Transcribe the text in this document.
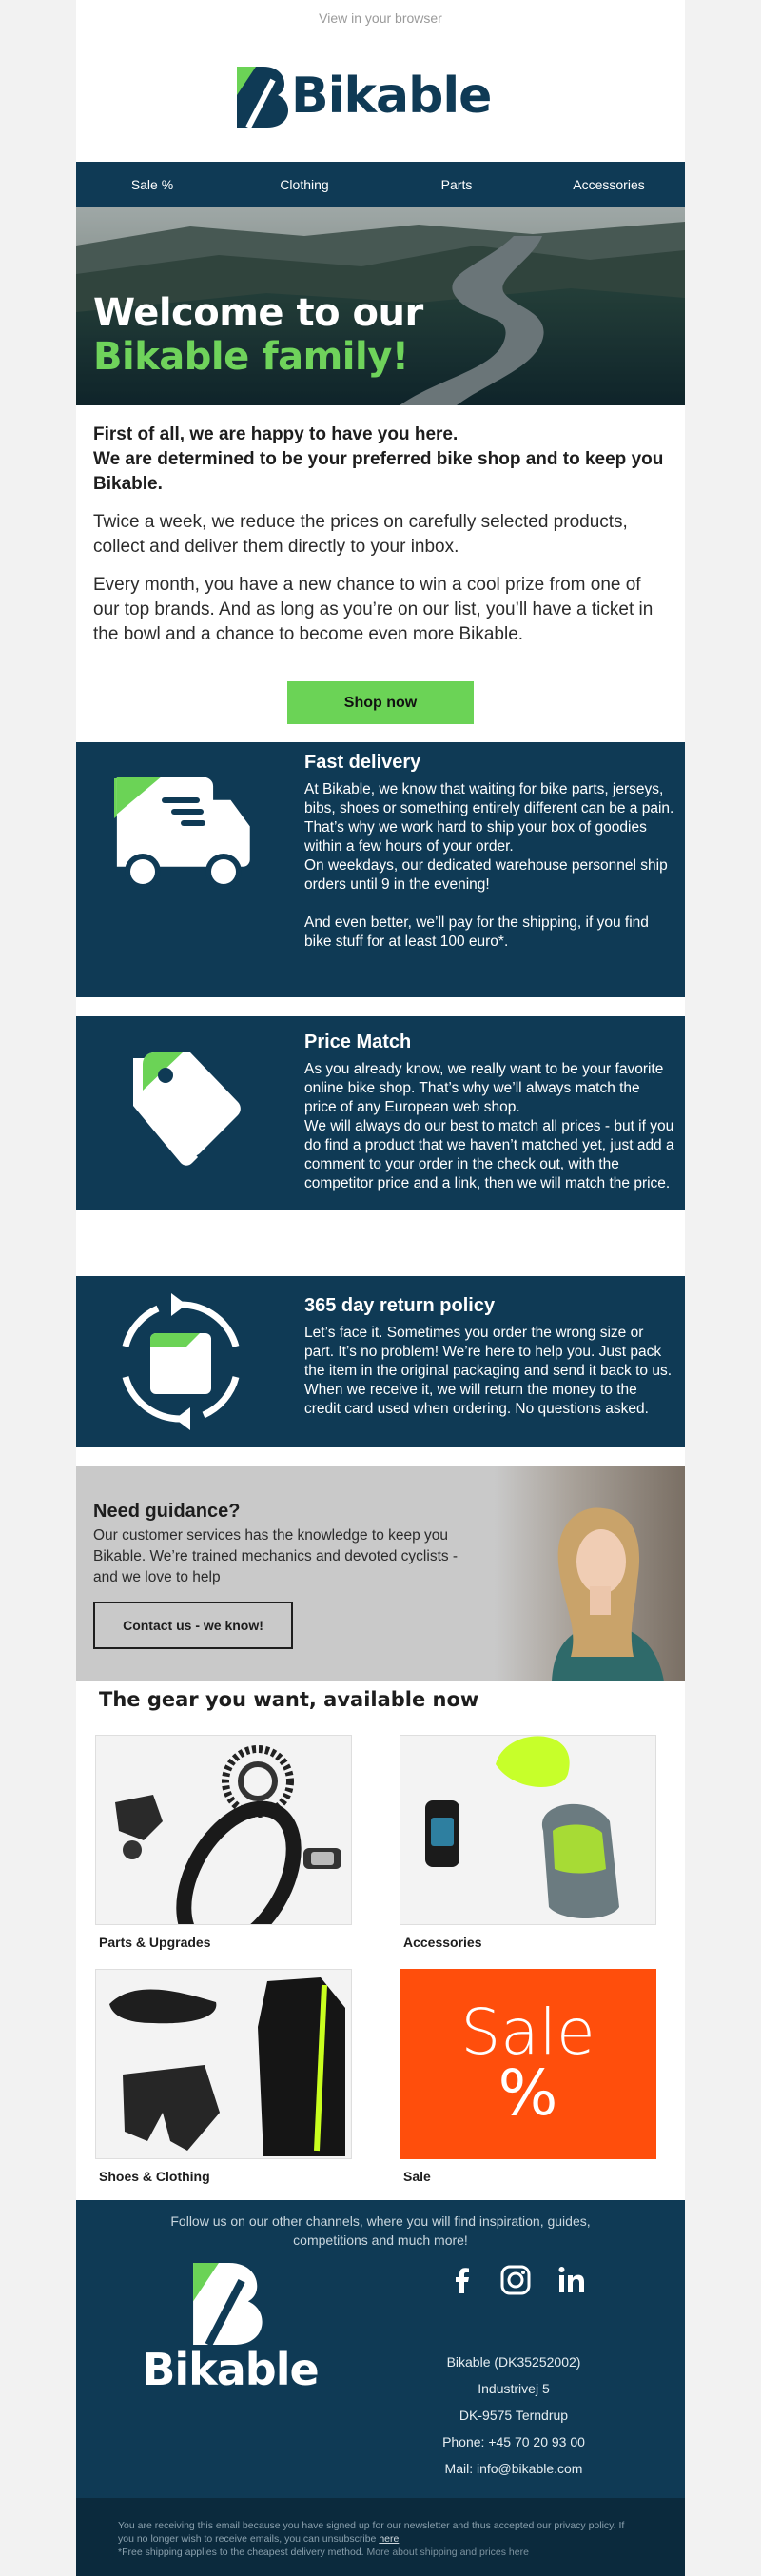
View in your browser
Bikable
Sale %	Clothing	Parts	Accessories
Welcome to our
Bikable family!
First of all, we are happy to have you here.
We are determined to be your preferred bike shop and to keep you Bikable.

Twice a week, we reduce the prices on carefully selected products, collect and deliver them directly to your inbox.

Every month, you have a new chance to win a cool prize from one of our top brands. And as long as you’re on our list, you’ll have a ticket in the bowl and a chance to become even more Bikable.

Shop now
Fast delivery
At Bikable, we know that waiting for bike parts, jerseys, bibs, shoes or something entirely different can be a pain.
That’s why we work hard to ship your box of goodies within a few hours of your order.
On weekdays, our dedicated warehouse personnel ship orders until 9 in the evening!
And even better, we’ll pay for the shipping, if you find bike stuff for at least 100 euro*.
Price Match
As you already know, we really want to be your favorite online bike shop. That’s why we’ll always match the price of any European web shop.
We will always do our best to match all prices - but if you do find a product that we haven’t matched yet, just add a comment to your order in the check out, with the competitor price and a link, then we will match the price.
It’s that easy!
365 day return policy
Let’s face it. Sometimes you order the wrong size or part. It’s no problem! We’re here to help you. Just pack the item in the original packaging and send it back to us. When we receive it, we will return the money to the credit card used when ordering. No questions asked.
Need guidance?
Our customer services has the knowledge to keep you Bikable. We’re trained mechanics and devoted cyclists - and we love to help
Contact us - we know!
The gear you want, available now
Parts & Upgrades	Accessories
Shoes & Clothing
Sale
%
Sale
Follow us on our other channels, where you will find inspiration, guides, competitions and much more!
Bikable	Bikable (DK35252002)
Industrivej 5
DK-9575 Terndrup
Phone: +45 70 20 93 00
Mail: info@bikable.com
You are receiving this email because you have signed up for our newsletter and thus accepted our privacy policy. If you no longer wish to receive emails, you can unsubscribe here
*Free shipping applies to the cheapest delivery method. More about shipping and prices here
